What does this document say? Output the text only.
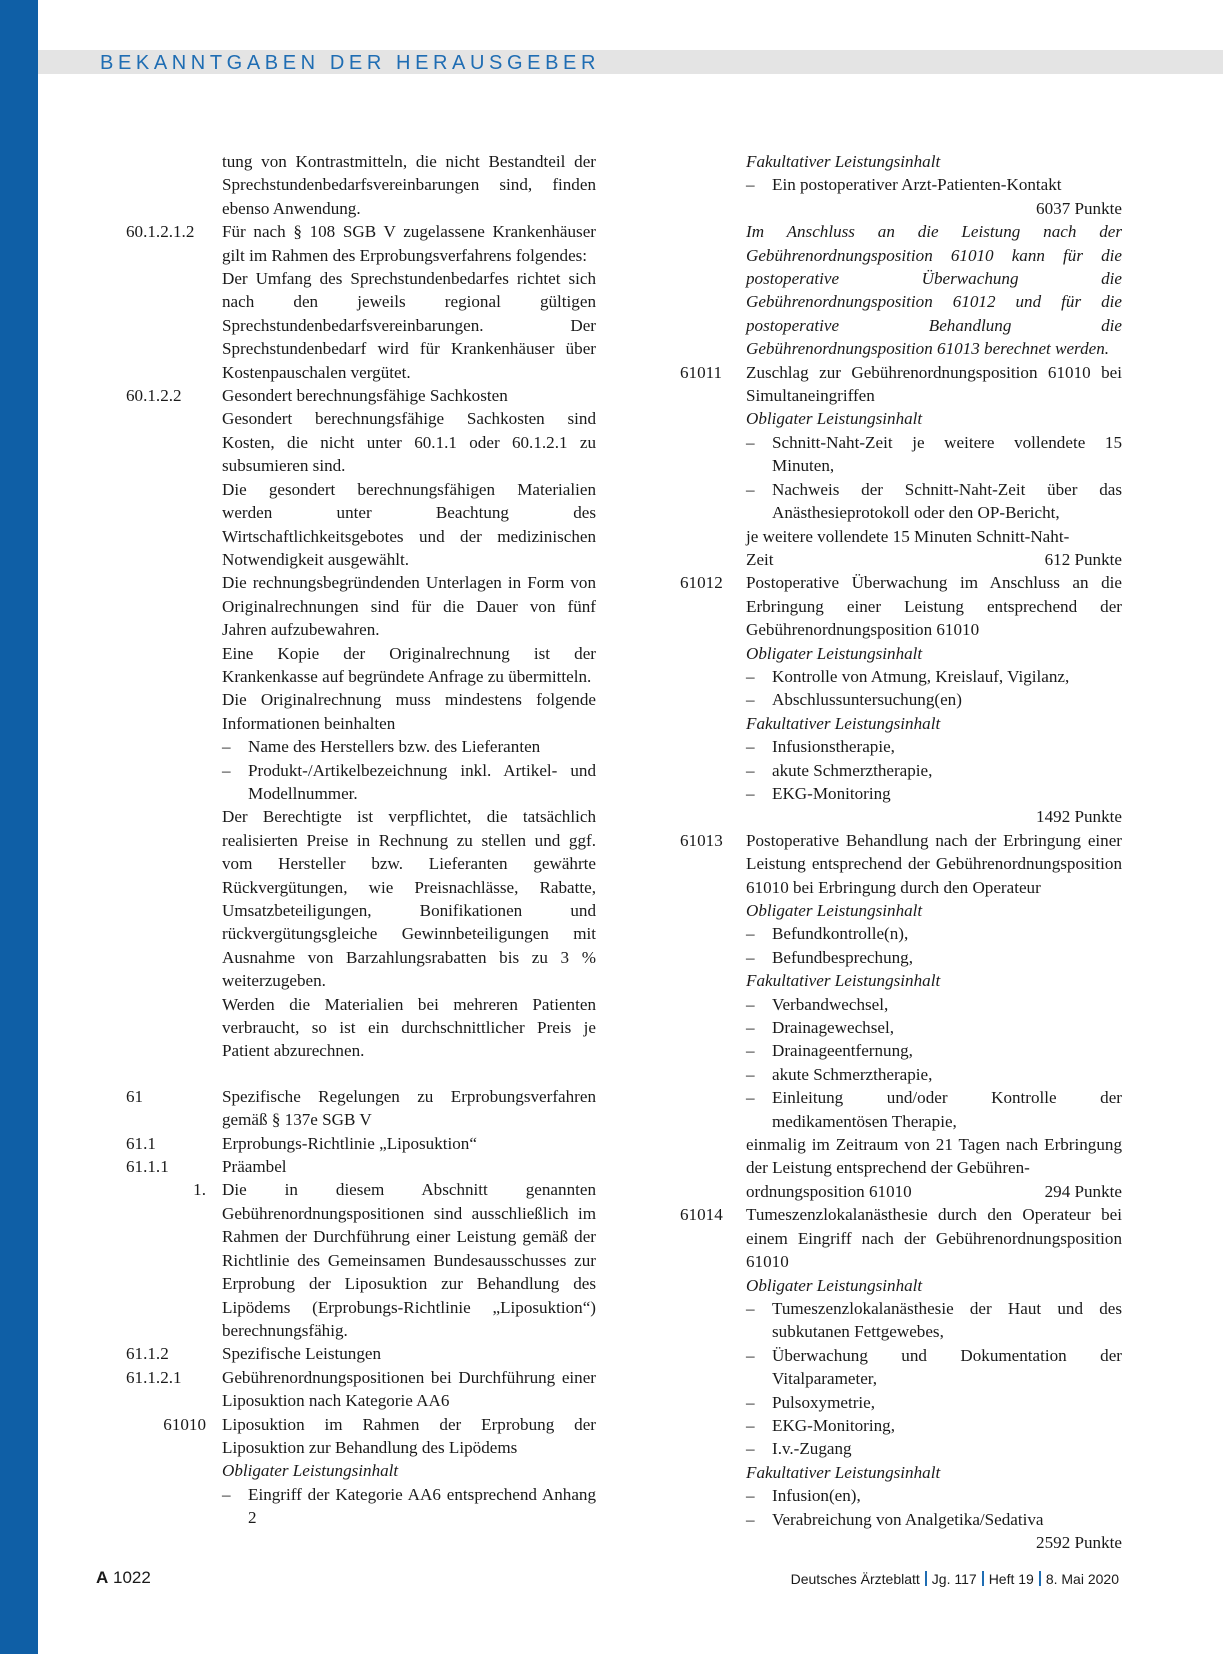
BEKANNTGABEN DER HERAUSGEBER
tung von Kontrastmitteln, die nicht Bestandteil der Sprechstundenbedarfsvereinbarungen sind, finden ebenso Anwendung.
60.1.2.1.2	Für nach § 108 SGB V zugelassene Krankenhäuser gilt im Rahmen des Erprobungsverfahrens folgendes:
Der Umfang des Sprechstundenbedarfes richtet sich nach den jeweils regional gültigen Sprechstundenbedarfsvereinbarungen. Der Sprechstundenbedarf wird für Krankenhäuser über Kostenpauschalen vergütet.
60.1.2.2	Gesondert berechnungsfähige Sachkosten
Gesondert berechnungsfähige Sachkosten sind Kosten, die nicht unter 60.1.1 oder 60.1.2.1 zu subsumieren sind.
Die gesondert berechnungsfähigen Materialien werden unter Beachtung des Wirtschaftlichkeitsgebotes und der medizinischen Notwendigkeit ausgewählt.
Die rechnungsbegründenden Unterlagen in Form von Originalrechnungen sind für die Dauer von fünf Jahren aufzubewahren.
Eine Kopie der Originalrechnung ist der Krankenkasse auf begründete Anfrage zu übermitteln.
Die Originalrechnung muss mindestens folgende Informationen beinhalten
– Name des Herstellers bzw. des Lieferanten
– Produkt-/Artikelbezeichnung inkl. Artikel- und Modellnummer.
Der Berechtigte ist verpflichtet, die tatsächlich realisierten Preise in Rechnung zu stellen und ggf. vom Hersteller bzw. Lieferanten gewährte Rückvergütungen, wie Preisnachlässe, Rabatte, Umsatzbeteiligungen, Bonifikationen und rückvergütungsgleiche Gewinnbeteiligungen mit Ausnahme von Barzahlungsrabatten bis zu 3 % weiterzugeben.
Werden die Materialien bei mehreren Patienten verbraucht, so ist ein durchschnittlicher Preis je Patient abzurechnen.
61	Spezifische Regelungen zu Erprobungsverfahren gemäß § 137e SGB V
61.1	Erprobungs-Richtlinie „Liposuktion“
61.1.1	Präambel
1. Die in diesem Abschnitt genannten Gebührenordnungspositionen sind ausschließlich im Rahmen der Durchführung einer Leistung gemäß der Richtlinie des Gemeinsamen Bundesausschusses zur Erprobung der Liposuktion zur Behandlung des Lipödems (Erprobungs-Richtlinie „Liposuktion“) berechnungsfähig.
61.1.2	Spezifische Leistungen
61.1.2.1	Gebührenordnungspositionen bei Durchführung einer Liposuktion nach Kategorie AA6
61010 Liposuktion im Rahmen der Erprobung der Liposuktion zur Behandlung des Lipödems
Obligater Leistungsinhalt
– Eingriff der Kategorie AA6 entsprechend Anhang 2
Fakultativer Leistungsinhalt
– Ein postoperativer Arzt-Patienten-Kontakt
6037 Punkte
Im Anschluss an die Leistung nach der Gebührenordnungsposition 61010 kann für die postoperative Überwachung die Gebührenordnungsposition 61012 und für die postoperative Behandlung die Gebührenordnungsposition 61013 berechnet werden.
61011	Zuschlag zur Gebührenordnungsposition 61010 bei Simultaneingriffen
Obligater Leistungsinhalt
– Schnitt-Naht-Zeit je weitere vollendete 15 Minuten,
– Nachweis der Schnitt-Naht-Zeit über das Anästhesieprotokoll oder den OP-Bericht,
je weitere vollendete 15 Minuten Schnitt-Naht-
Zeit	612 Punkte
61012	Postoperative Überwachung im Anschluss an die Erbringung einer Leistung entsprechend der Gebührenordnungsposition 61010
Obligater Leistungsinhalt
– Kontrolle von Atmung, Kreislauf, Vigilanz,
– Abschlussuntersuchung(en)
Fakultativer Leistungsinhalt
– Infusionstherapie,
– akute Schmerztherapie,
– EKG-Monitoring
1492 Punkte
61013	Postoperative Behandlung nach der Erbringung einer Leistung entsprechend der Gebührenordnungsposition 61010 bei Erbringung durch den Operateur
Obligater Leistungsinhalt
– Befundkontrolle(n),
– Befundbesprechung,
Fakultativer Leistungsinhalt
– Verbandwechsel,
– Drainagewechsel,
– Drainageentfernung,
– akute Schmerztherapie,
– Einleitung und/oder Kontrolle der medikamentösen Therapie,
einmalig im Zeitraum von 21 Tagen nach Erbringung der Leistung entsprechend der Gebühren-
ordnungsposition 61010	294 Punkte
61014	Tumeszenzlokalanästhesie durch den Operateur bei einem Eingriff nach der Gebührenordnungsposition 61010
Obligater Leistungsinhalt
– Tumeszenzlokalanästhesie der Haut und des subkutanen Fettgewebes,
– Überwachung und Dokumentation der Vitalparameter,
– Pulsoxymetrie,
– EKG-Monitoring,
– I.v.-Zugang
Fakultativer Leistungsinhalt
– Infusion(en),
– Verabreichung von Analgetika/Sedativa
2592 Punkte
A 1022	Deutsches Ärzteblatt Jg. 117 Heft 19 8. Mai 2020
